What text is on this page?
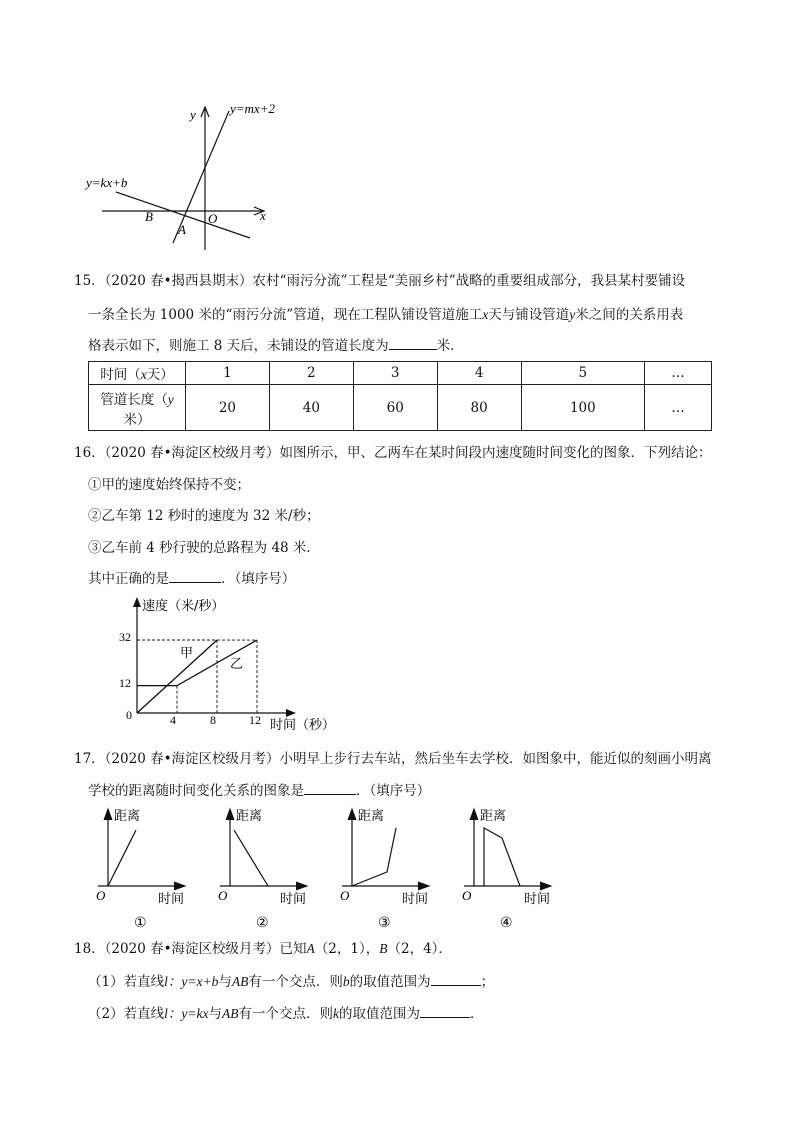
y=mx+2
y=kx+b
y
x
B	O
A
15．（2020 春•揭西县期末）农村“雨污分流”工程是“美丽乡村”战略的重要组成部分，我县某村要铺设
一条全长为 1000 米的“雨污分流”管道，现在工程队铺设管道施工x天与铺设管道y米之间的关系用表
格表示如下，则施工 8 天后，未铺设的管道长度为	米．
时间（x天）	1	2	3	4	5	…
管道长度（y米）	20	40	60	80	100	…
16．（2020 春•海淀区校级月考）如图所示，甲、乙两车在某时间段内速度随时间变化的图象．下列结论：
①甲的速度始终保持不变；
②乙车第 12 秒时的速度为 32 米/秒；
③乙车前 4 秒行驶的总路程为 48 米．
其中正确的是	．（填序号）
速度（米/秒）
时间（秒）
0	4	8	12
12
32
甲
乙
17．（2020 春•海淀区校级月考）小明早上步行去车站，然后坐车去学校．如图象中，能近似的刻画小明离
学校的距离随时间变化关系的图象是	．（填序号）
距离
O	时间
①
距离
O	时间
②
距离
O	时间
③
距离
O	时间
④
18．（2020 春•海淀区校级月考）已知A（2，1），B（2，4）．
（1）若直线l：y=x+b与AB有一个交点．则b的取值范围为	；
（2）若直线l：y=kx与AB有一个交点．则k的取值范围为	．
